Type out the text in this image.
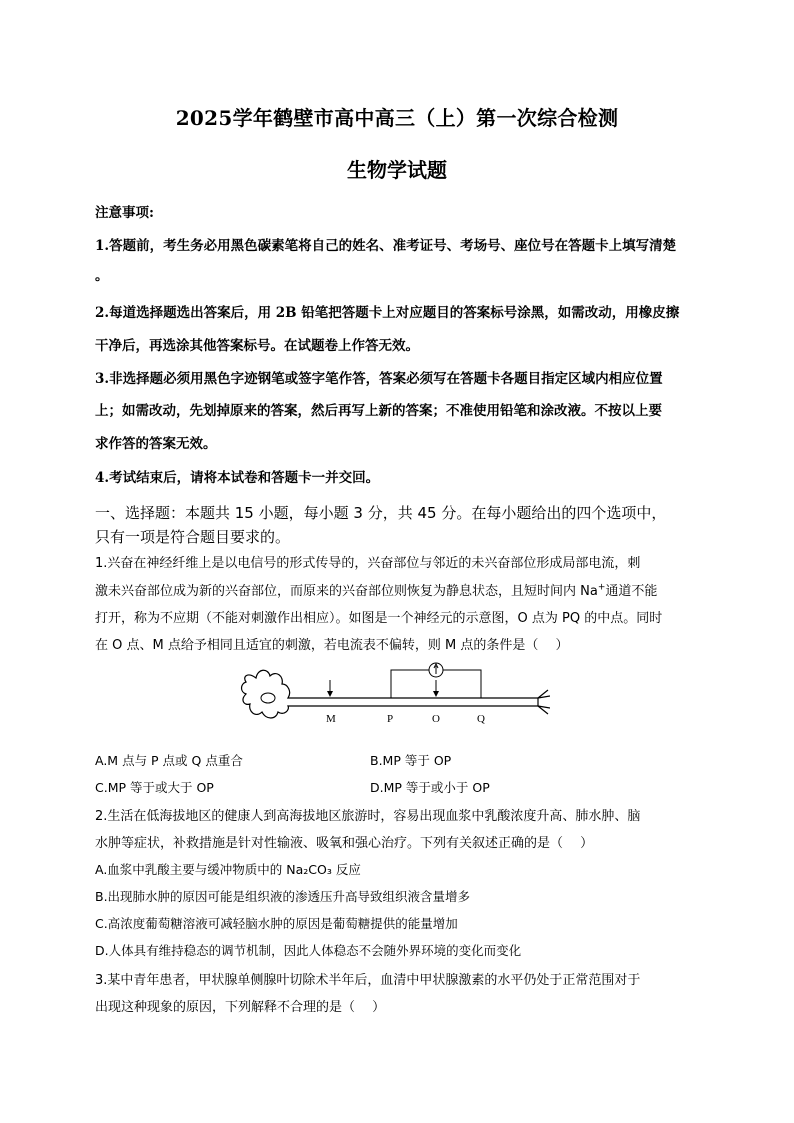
2025学年鹤壁市高中高三（上）第一次综合检测
生物学试题
注意事项:
1.答题前，考生务必用黑色碳素笔将自己的姓名、准考证号、考场号、座位号在答题卡上填写清楚
。
2.每道选择题选出答案后，用 2B 铅笔把答题卡上对应题目的答案标号涂黑，如需改动，用橡皮擦
干净后，再选涂其他答案标号。在试题卷上作答无效。
3.非选择题必须用黑色字迹钢笔或签字笔作答，答案必须写在答题卡各题目指定区域内相应位置
上；如需改动，先划掉原来的答案，然后再写上新的答案；不准使用铅笔和涂改液。不按以上要
求作答的答案无效。
4.考试结束后，请将本试卷和答题卡一并交回。
一、选择题：本题共 15 小题，每小题 3 分，共 45 分。在每小题给出的四个选项中，
只有一项是符合题目要求的。
1.兴奋在神经纤维上是以电信号的形式传导的，兴奋部位与邻近的未兴奋部位形成局部电流，刺
激未兴奋部位成为新的兴奋部位，而原来的兴奋部位则恢复为静息状态，且短时间内 Na+通道不能
打开，称为不应期（不能对刺激作出相应）。如图是一个神经元的示意图，O 点为 PQ 的中点。同时
在 O 点、M 点给予相同且适宜的刺激，若电流表不偏转，则 M 点的条件是（　 ）
M	P	O	Q
A.M 点与 P 点或 Q 点重合	B.MP 等于 OP
C.MP 等于或大于 OP	D.MP 等于或小于 OP
2.生活在低海拔地区的健康人到高海拔地区旅游时，容易出现血浆中乳酸浓度升高、肺水肿、脑
水肿等症状，补救措施是针对性输液、吸氧和强心治疗。下列有关叙述正确的是（　 ）
A.血浆中乳酸主要与缓冲物质中的 Na₂CO₃ 反应
B.出现肺水肿的原因可能是组织液的渗透压升高导致组织液含量增多
C.高浓度葡萄糖溶液可减轻脑水肿的原因是葡萄糖提供的能量增加
D.人体具有维持稳态的调节机制，因此人体稳态不会随外界环境的变化而变化
3.某中青年患者，甲状腺单侧腺叶切除术半年后，血清中甲状腺激素的水平仍处于正常范围对于
出现这种现象的原因，下列解释不合理的是（　 ）
